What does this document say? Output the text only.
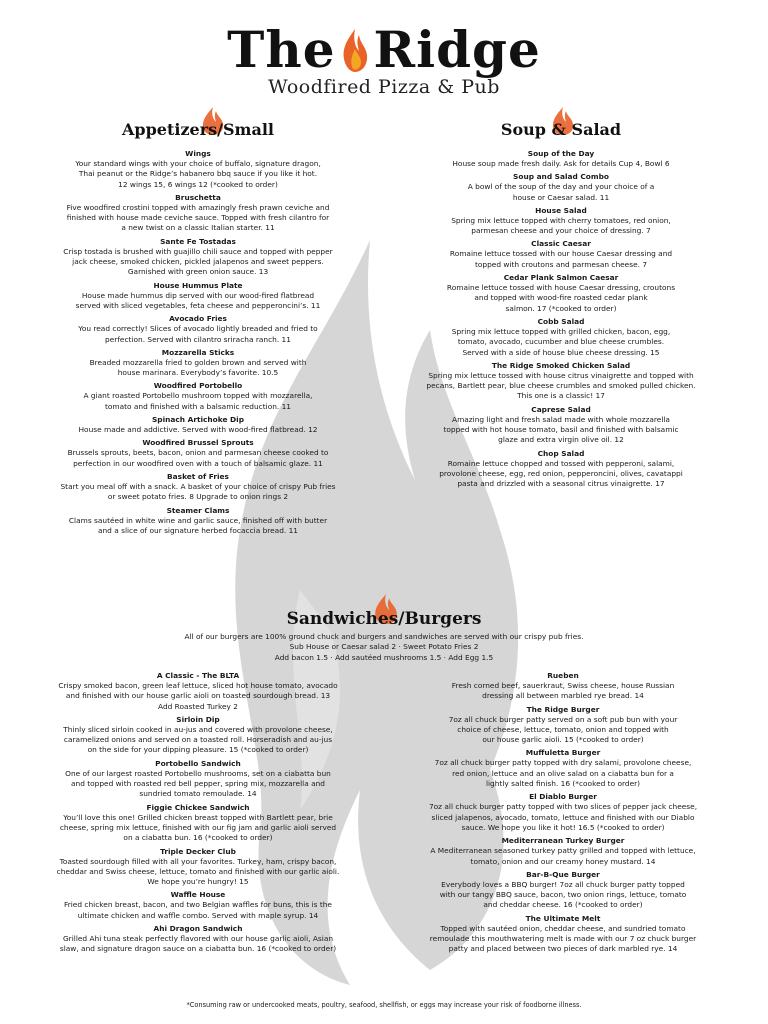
The Ridge
Woodfired Pizza & Pub
Appetizers/Small
Wings
Your standard wings with your choice of buffalo, signature dragon,
Thai peanut or the Ridge’s habanero bbq sauce if you like it hot.
12 wings 15, 6 wings 12 (*cooked to order)
Bruschetta
Five woodfired crostini topped with amazingly fresh prawn ceviche and
finished with house made ceviche sauce. Topped with fresh cilantro for
a new twist on a classic Italian starter. 11
Sante Fe Tostadas
Crisp tostada is brushed with guajillo chili sauce and topped with pepper
jack cheese, smoked chicken, pickled jalapenos and sweet peppers.
Garnished with green onion sauce. 13
House Hummus Plate
House made hummus dip served with our wood-fired flatbread
served with sliced vegetables, feta cheese and pepperoncini’s. 11
Avocado Fries
You read correctly! Slices of avocado lightly breaded and fried to
perfection. Served with cilantro sriracha ranch. 11
Mozzarella Sticks
Breaded mozzarella fried to golden brown and served with
house marinara. Everybody’s favorite. 10.5
Woodfired Portobello
A giant roasted Portobello mushroom topped with mozzarella,
tomato and finished with a balsamic reduction. 11
Spinach Artichoke Dip
House made and addictive. Served with wood-fired flatbread. 12
Woodfired Brussel Sprouts
Brussels sprouts, beets, bacon, onion and parmesan cheese cooked to
perfection in our woodfired oven with a touch of balsamic glaze. 11
Basket of Fries
Start you meal off with a snack. A basket of your choice of crispy Pub fries
or sweet potato fries. 8 Upgrade to onion rings 2
Steamer Clams
Clams sautéed in white wine and garlic sauce, finished off with butter
and a slice of our signature herbed focaccia bread. 11
Soup & Salad
Soup of the Day
House soup made fresh daily. Ask for details Cup 4, Bowl 6
Soup and Salad Combo
A bowl of the soup of the day and your choice of a
house or Caesar salad. 11
House Salad
Spring mix lettuce topped with cherry tomatoes, red onion,
parmesan cheese and your choice of dressing. 7
Classic Caesar
Romaine lettuce tossed with our house Caesar dressing and
topped with croutons and parmesan cheese. 7
Cedar Plank Salmon Caesar
Romaine lettuce tossed with house Caesar dressing, croutons
and topped with wood-fire roasted cedar plank
salmon. 17 (*cooked to order)
Cobb Salad
Spring mix lettuce topped with grilled chicken, bacon, egg,
tomato, avocado, cucumber and blue cheese crumbles.
Served with a side of house blue cheese dressing. 15
The Ridge Smoked Chicken Salad
Spring mix lettuce tossed with house citrus vinaigrette and topped with
pecans, Bartlett pear, blue cheese crumbles and smoked pulled chicken.
This one is a classic! 17
Caprese Salad
Amazing light and fresh salad made with whole mozzarella
topped with hot house tomato, basil and finished with balsamic
glaze and extra virgin olive oil. 12
Chop Salad
Romaine lettuce chopped and tossed with pepperoni, salami,
provolone cheese, egg, red onion, pepperoncini, olives, cavatappi
pasta and drizzled with a seasonal citrus vinaigrette. 17
Sandwiches/Burgers
All of our burgers are 100% ground chuck and burgers and sandwiches are served with our crispy pub fries.
Sub House or Caesar salad 2 · Sweet Potato Fries 2
Add bacon 1.5 · Add sautéed mushrooms 1.5 · Add Egg 1.5
A Classic - The BLTA
Crispy smoked bacon, green leaf lettuce, sliced hot house tomato, avocado
and finished with our house garlic aioli on toasted sourdough bread. 13
Add Roasted Turkey 2
Sirloin Dip
Thinly sliced sirloin cooked in au-jus and covered with provolone cheese,
caramelized onions and served on a toasted roll. Horseradish and au-jus
on the side for your dipping pleasure. 15 (*cooked to order)
Portobello Sandwich
One of our largest roasted Portobello mushrooms, set on a ciabatta bun
and topped with roasted red bell pepper, spring mix, mozzarella and
sundried tomato remoulade. 14
Figgie Chickee Sandwich
You’ll love this one! Grilled chicken breast topped with Bartlett pear, brie
cheese, spring mix lettuce, finished with our fig jam and garlic aioli served
on a ciabatta bun. 16 (*cooked to order)
Triple Decker Club
Toasted sourdough filled with all your favorites. Turkey, ham, crispy bacon,
cheddar and Swiss cheese, lettuce, tomato and finished with our garlic aioli.
We hope you’re hungry! 15
Waffle House
Fried chicken breast, bacon, and two Belgian waffles for buns, this is the
ultimate chicken and waffle combo. Served with maple syrup. 14
Ahi Dragon Sandwich
Grilled Ahi tuna steak perfectly flavored with our house garlic aioli, Asian
slaw, and signature dragon sauce on a ciabatta bun. 16 (*cooked to order)
Rueben
Fresh corned beef, sauerkraut, Swiss cheese, house Russian
dressing all between marbled rye bread. 14
The Ridge Burger
7oz all chuck burger patty served on a soft pub bun with your
choice of cheese, lettuce, tomato, onion and topped with
our house garlic aioli. 15 (*cooked to order)
Muffuletta Burger
7oz all chuck burger patty topped with dry salami, provolone cheese,
red onion, lettuce and an olive salad on a ciabatta bun for a
lightly salted finish. 16 (*cooked to order)
El Diablo Burger
7oz all chuck burger patty topped with two slices of pepper jack cheese,
sliced jalapenos, avocado, tomato, lettuce and finished with our Diablo
sauce. We hope you like it hot! 16.5 (*cooked to order)
Mediterranean Turkey Burger
A Mediterranean seasoned turkey patty grilled and topped with lettuce,
tomato, onion and our creamy honey mustard. 14
Bar-B-Que Burger
Everybody loves a BBQ burger! 7oz all chuck burger patty topped
with our tangy BBQ sauce, bacon, two onion rings, lettuce, tomato
and cheddar cheese. 16 (*cooked to order)
The Ultimate Melt
Topped with sautéed onion, cheddar cheese, and sundried tomato
remoulade this mouthwatering melt is made with our 7 oz chuck burger
patty and placed between two pieces of dark marbled rye. 14
*Consuming raw or undercooked meats, poultry, seafood, shellfish, or eggs may increase your risk of foodborne illness.
